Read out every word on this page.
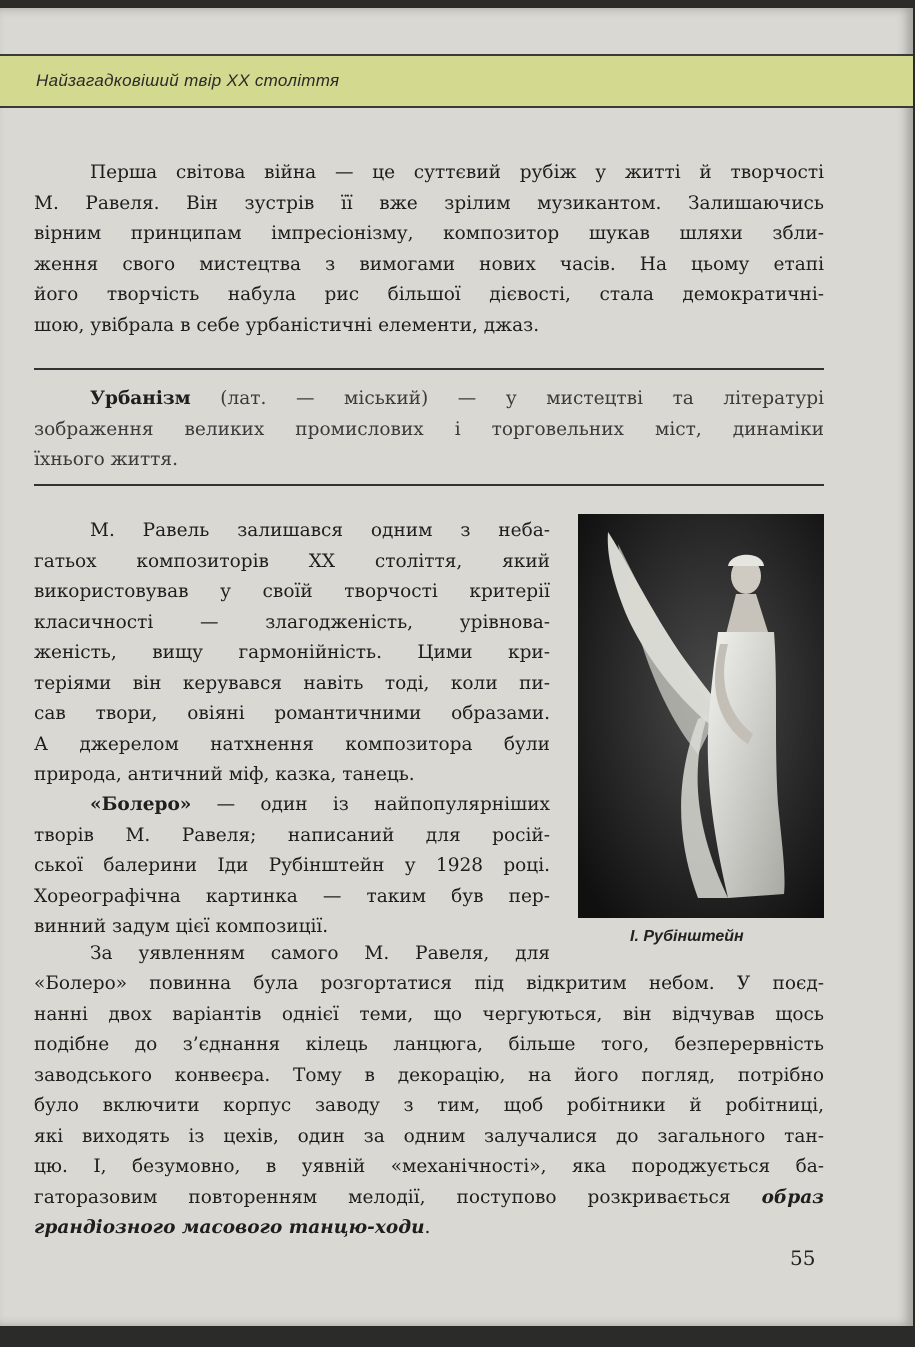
Найзагадковіший твір XX століття
Перша світова війна — це суттєвий рубіж у житті й творчості
М. Равеля. Він зустрів її вже зрілим музикантом. Залишаючись
вірним принципам імпресіонізму, композитор шукав шляхи збли-
ження свого мистецтва з вимогами нових часів. На цьому етапі
його творчість набула рис більшої дієвості, стала демократичні-
шою, увібрала в себе урбаністичні елементи, джаз.
Урбанізм (лат. — міський) — у мистецтві та літературі
зображення великих промислових і торговельних міст, динаміки
їхнього життя.
М. Равель залишався одним з неба-
гатьох композиторів XX століття, який
використовував у своїй творчості критерії
класичності — злагодженість, урівнова-
женість, вищу гармонійність. Цими кри-
теріями він керувався навіть тоді, коли пи-
сав твори, овіяні романтичними образами.
А джерелом натхнення композитора були
природа, античний міф, казка, танець.
«Болеро» — один із найпопулярніших
творів М. Равеля; написаний для росій-
ської балерини Іди Рубінштейн у 1928 році.
Хореографічна картинка — таким був пер-
винний задум цієї композиції.	І. Рубінштейн
За уявленням самого М. Равеля, для
«Болеро» повинна була розгортатися під відкритим небом. У поєд-
нанні двох варіантів однієї теми, що чергуються, він відчував щось
подібне до з’єднання кілець ланцюга, більше того, безперервність
заводського конвеєра. Тому в декорацію, на його погляд, потрібно
було включити корпус заводу з тим, щоб робітники й робітниці,
які виходять із цехів, один за одним залучалися до загального тан-
цю. І, безумовно, в уявній «механічності», яка породжується ба-
гаторазовим повторенням мелодії, поступово розкривається образ
грандіозного масового танцю-ходи.
55
